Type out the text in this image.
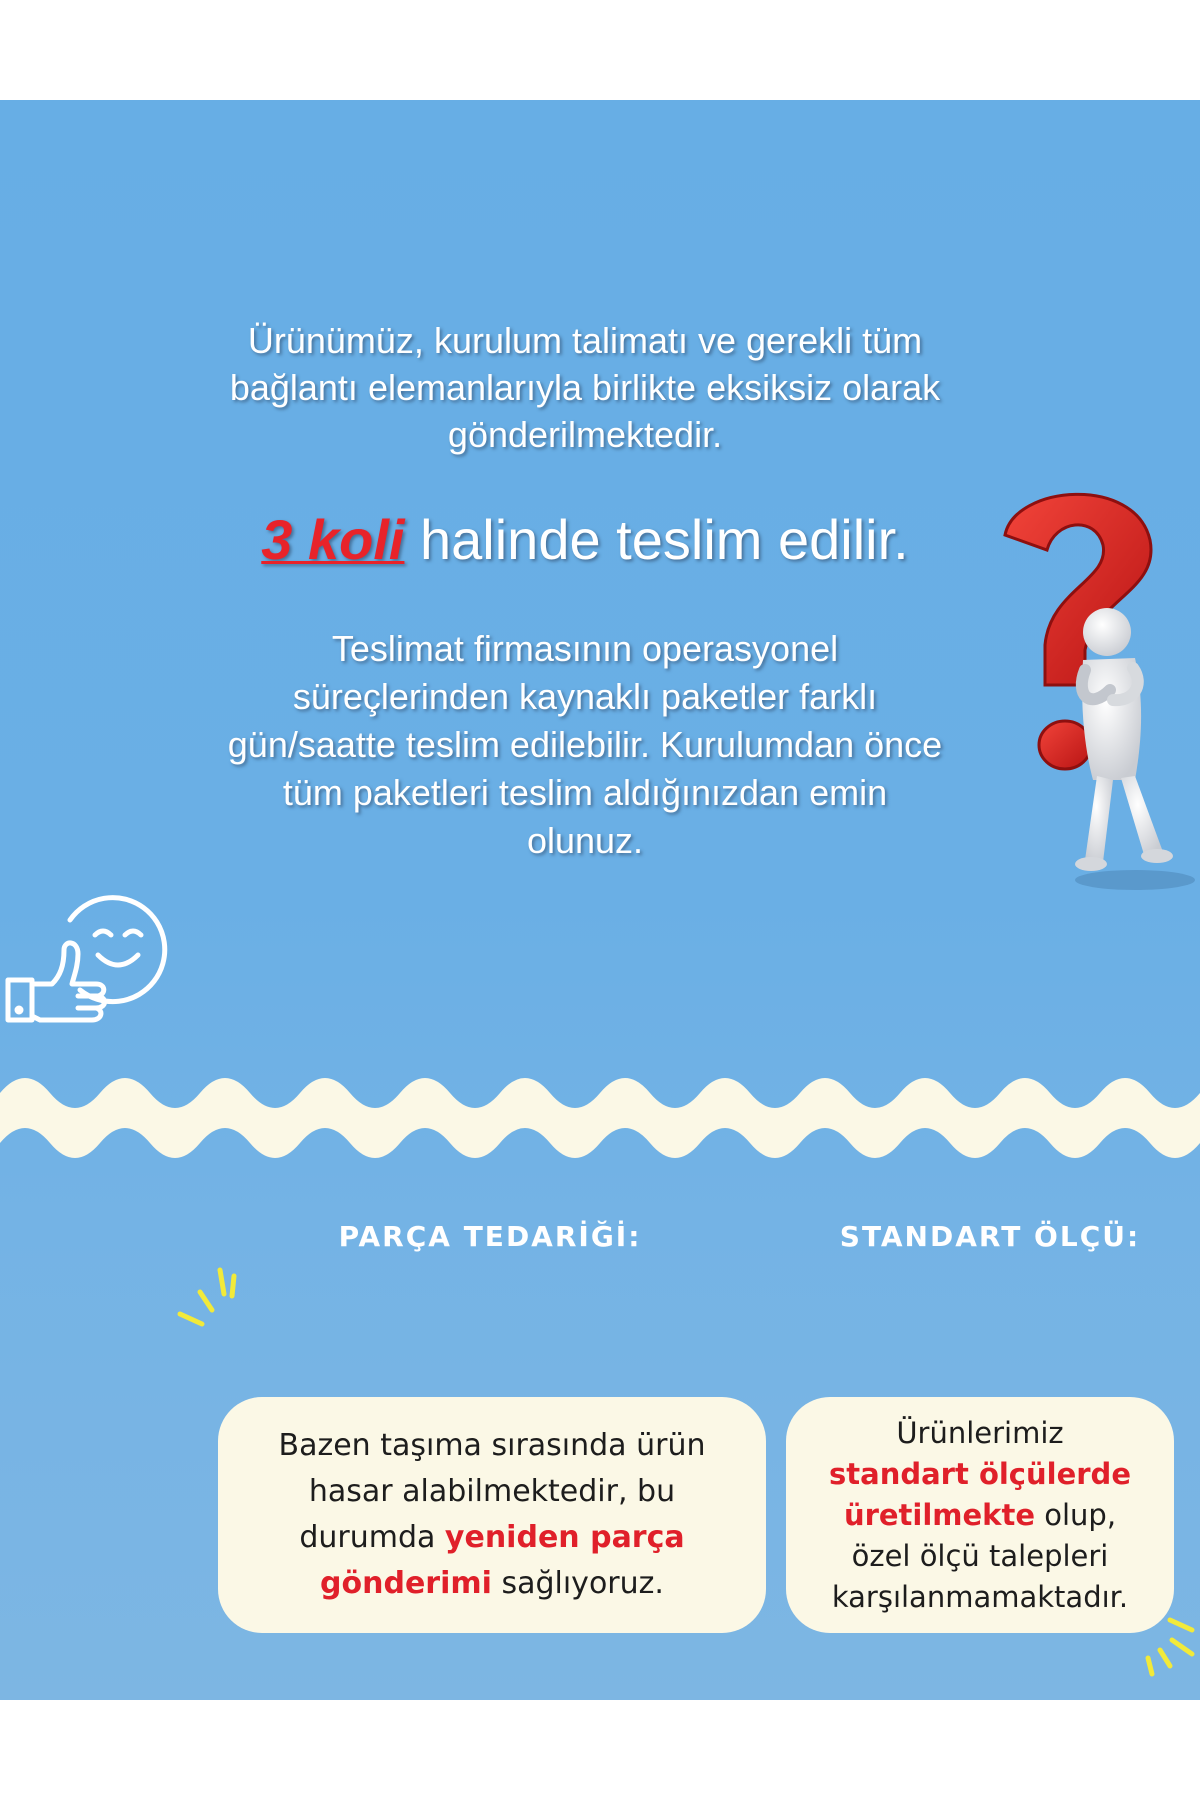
Ürünümüz, kurulum talimatı ve gerekli tüm
bağlantı elemanlarıyla birlikte eksiksiz olarak
gönderilmektedir.
3 koli halinde teslim edilir.
Teslimat firmasının operasyonel
süreçlerinden kaynaklı paketler farklı
gün/saatte teslim edilebilir. Kurulumdan önce
tüm paketleri teslim aldığınızdan emin
olunuz.
PARÇA TEDARİĞİ:	STANDART ÖLÇÜ:

Bazen taşıma sırasında ürün
hasar alabilmektedir, bu
durumda yeniden parça
gönderimi sağlıyoruz.

Ürünlerimiz
standart ölçülerde
üretilmekte olup,
özel ölçü talepleri
karşılanmamaktadır.
